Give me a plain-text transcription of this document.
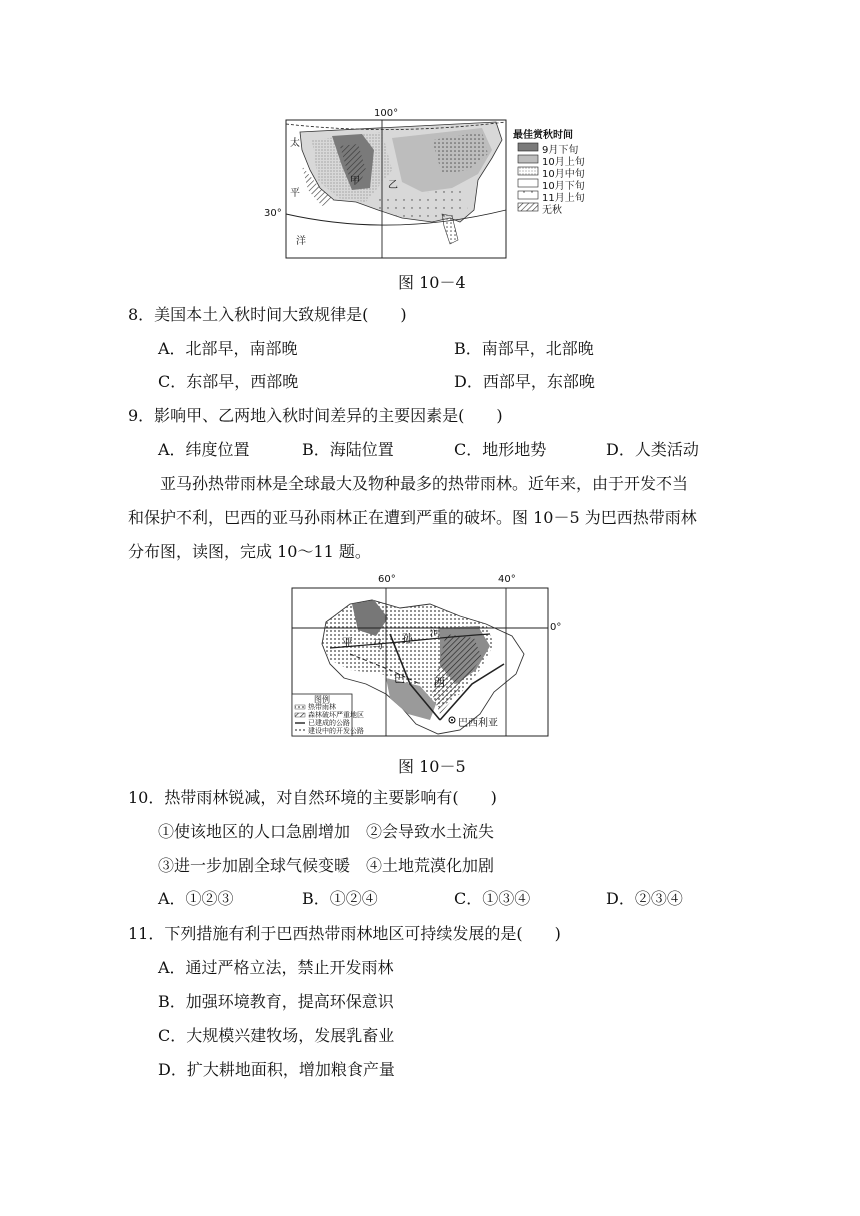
100°
30°
甲	乙
太
平
洋
最佳赏秋时间
9月下旬
10月上旬
10月中旬
10月下旬
11月上旬
无秋
图 10－4
8．美国本土入秋时间大致规律是(　　)
A．北部早，南部晚	B．南部早，北部晚
C．东部早，西部晚	D．西部早，东部晚
9．影响甲、乙两地入秋时间差异的主要因素是(　　)
A．纬度位置	B．海陆位置	C．地形地势	D．人类活动
亚马孙热带雨林是全球最大及物种最多的热带雨林。近年来，由于开发不当
和保护不利，巴西的亚马孙雨林正在遭到严重的破坏。图 10－5 为巴西热带雨林
分布图，读图，完成 10～11 题。
60°	40°
0°
亚 马 孙 河
巴	西
巴西利亚
图例
热带雨林
森林破坏严重地区
已建成的公路
建设中的开发公路
图 10－5
10．热带雨林锐减，对自然环境的主要影响有(　　)
①使该地区的人口急剧增加　②会导致水土流失
③进一步加剧全球气候变暖　④土地荒漠化加剧
A．①②③	B．①②④	C．①③④	D．②③④
11．下列措施有利于巴西热带雨林地区可持续发展的是(　　)
A．通过严格立法，禁止开发雨林
B．加强环境教育，提高环保意识
C．大规模兴建牧场，发展乳畜业
D．扩大耕地面积，增加粮食产量
